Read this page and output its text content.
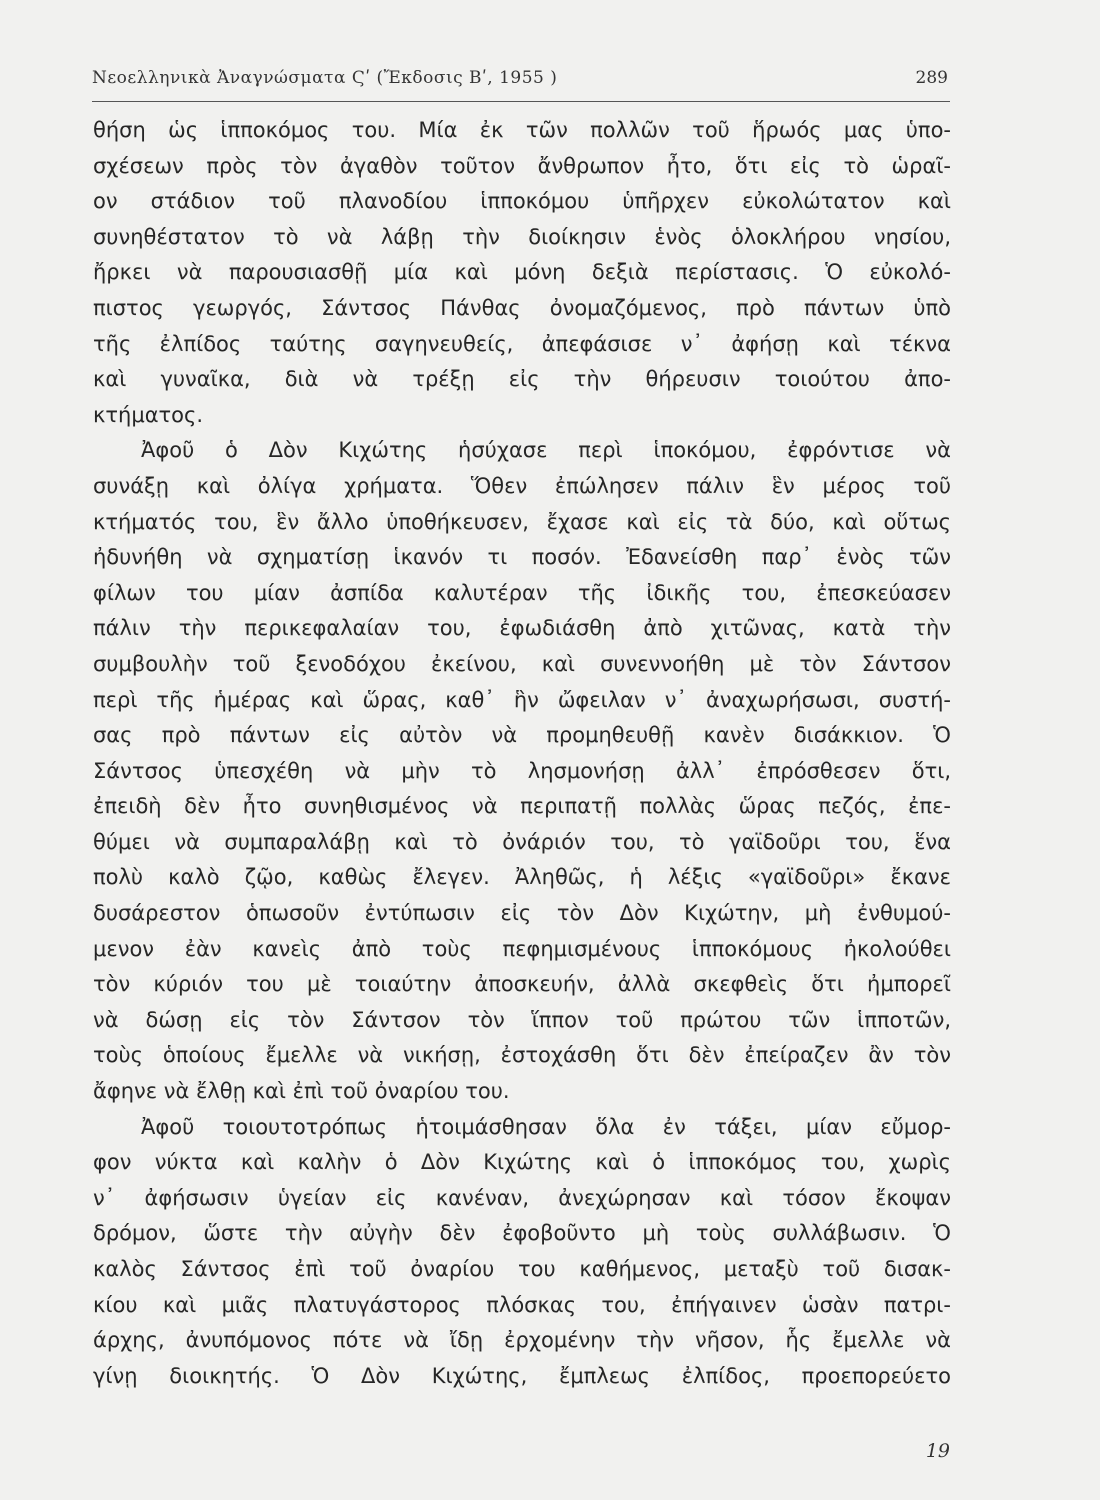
Νεοελληνικὰ Ἀναγνώσματα Ϛʹ (Ἔκδοσις Βʹ, 1955 )	289
θήση ὡς ἱπποκόμος του. Μία ἐκ τῶν πολλῶν τοῦ ἥρωός μας ὑπο-
σχέσεων πρὸς τὸν ἀγαθὸν τοῦτον ἄνθρωπον ἦτο, ὅτι εἰς τὸ ὡραῖ-
ον στάδιον τοῦ πλανοδίου ἱπποκόμου ὑπῆρχεν εὐκολώτατον καὶ
συνηθέστατον τὸ νὰ λάβῃ τὴν διοίκησιν ἑνὸς ὁλοκλήρου νησίου,
ἤρκει νὰ παρουσιασθῇ μία καὶ μόνη δεξιὰ περίστασις. Ὁ εὐκολό-
πιστος γεωργός, Σάντσος Πάνθας ὀνομαζόμενος, πρὸ πάντων ὑπὸ
τῆς ἐλπίδος ταύτης σαγηνευθείς, ἀπεφάσισε ν᾿ ἀφήσῃ καὶ τέκνα
καὶ γυναῖκα, διὰ νὰ τρέξῃ εἰς τὴν θήρευσιν τοιούτου ἀπο-
κτήματος.
Ἀφοῦ ὁ Δὸν Κιχώτης ἡσύχασε περὶ ἱποκόμου, ἐφρόντισε νὰ
συνάξῃ καὶ ὀλίγα χρήματα. Ὅθεν ἐπώλησεν πάλιν ἓν μέρος τοῦ
κτήματός του, ἓν ἄλλο ὑποθήκευσεν, ἔχασε καὶ εἰς τὰ δύο, καὶ οὕτως
ἠδυνήθη νὰ σχηματίσῃ ἱκανόν τι ποσόν. Ἐδανείσθη παρ᾿ ἑνὸς τῶν
φίλων του μίαν ἀσπίδα καλυτέραν τῆς ἰδικῆς του, ἐπεσκεύασεν
πάλιν τὴν περικεφαλαίαν του, ἐφωδιάσθη ἀπὸ χιτῶνας, κατὰ τὴν
συμβουλὴν τοῦ ξενοδόχου ἐκείνου, καὶ συνεννοήθη μὲ τὸν Σάντσον
περὶ τῆς ἡμέρας καὶ ὥρας, καθ᾿ ἣν ὤφειλαν ν᾿ ἀναχωρήσωσι, συστή-
σας πρὸ πάντων εἰς αὐτὸν νὰ προμηθευθῇ κανὲν δισάκκιον. Ὁ
Σάντσος ὑπεσχέθη νὰ μὴν τὸ λησμονήσῃ ἀλλ᾿ ἐπρόσθεσεν ὅτι,
ἐπειδὴ δὲν ἦτο συνηθισμένος νὰ περιπατῇ πολλὰς ὥρας πεζός, ἐπε-
θύμει νὰ συμπαραλάβῃ καὶ τὸ ὀνάριόν του, τὸ γαϊδοῦρι του, ἕνα
πολὺ καλὸ ζῷο, καθὼς ἔλεγεν. Ἀληθῶς, ἡ λέξις «γαϊδοῦρι» ἔκανε
δυσάρεστον ὁπωσοῦν ἐντύπωσιν εἰς τὸν Δὸν Κιχώτην, μὴ ἐνθυμού-
μενον ἐὰν κανεὶς ἀπὸ τοὺς πεφημισμένους ἱπποκόμους ἠκολούθει
τὸν κύριόν του μὲ τοιαύτην ἀποσκευήν, ἀλλὰ σκεφθεὶς ὅτι ἠμπορεῖ
νὰ δώσῃ εἰς τὸν Σάντσον τὸν ἵππον τοῦ πρώτου τῶν ἱπποτῶν,
τοὺς ὁποίους ἔμελλε νὰ νικήσῃ, ἐστοχάσθη ὅτι δὲν ἐπείραζεν ἂν τὸν
ἄφηνε νὰ ἔλθῃ καὶ ἐπὶ τοῦ ὀναρίου του.
Ἀφοῦ τοιουτοτρόπως ἡτοιμάσθησαν ὅλα ἐν τάξει, μίαν εὔμορ-
φον νύκτα καὶ καλὴν ὁ Δὸν Κιχώτης καὶ ὁ ἱπποκόμος του, χωρὶς
ν᾿ ἀφήσωσιν ὑγείαν εἰς κανέναν, ἀνεχώρησαν καὶ τόσον ἔκοψαν
δρόμον, ὥστε τὴν αὐγὴν δὲν ἐφοβοῦντο μὴ τοὺς συλλάβωσιν. Ὁ
καλὸς Σάντσος ἐπὶ τοῦ ὀναρίου του καθήμενος, μεταξὺ τοῦ δισακ-
κίου καὶ μιᾶς πλατυγάστορος πλόσκας του, ἐπήγαινεν ὡσὰν πατρι-
άρχης, ἀνυπόμονος πότε νὰ ἴδῃ ἐρχομένην τὴν νῆσον, ἧς ἔμελλε νὰ
γίνῃ διοικητής. Ὁ Δὸν Κιχώτης, ἔμπλεως ἐλπίδος, προεπορεύετο
19
